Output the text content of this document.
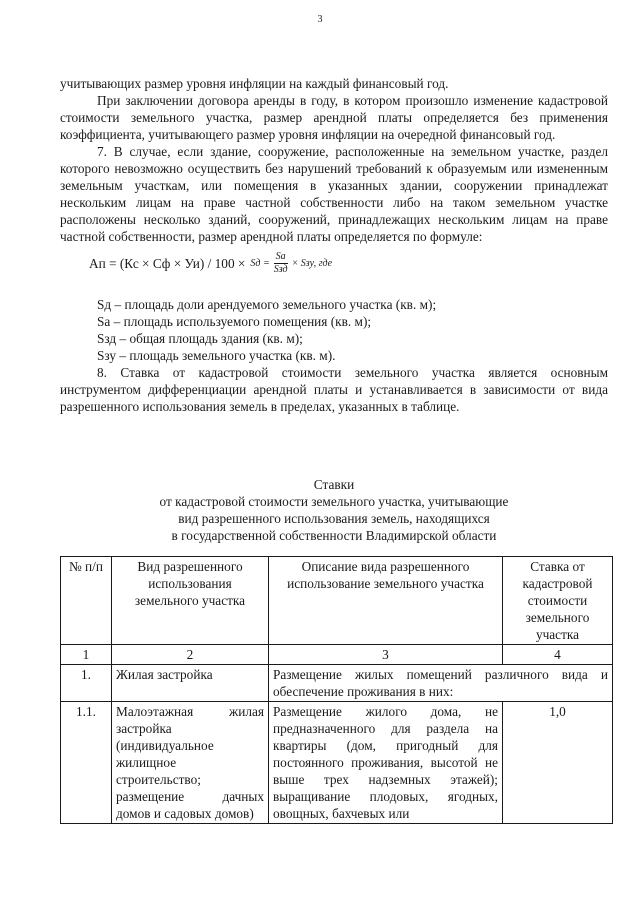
3

учитывающих размер уровня инфляции на каждый финансовый год.

При заключении договора аренды в году, в котором произошло изменение кадастровой стоимости земельного участка, размер арендной платы определяется без применения коэффициента, учитывающего размер уровня инфляции на очередной финансовый год.

7. В случае, если здание, сооружение, расположенные на земельном участке, раздел которого невозможно осуществить без нарушений требований к образуемым или измененным земельным участкам, или помещения в указанных здании, сооружении принадлежат нескольким лицам на праве частной собственности либо на таком земельном участке расположены несколько зданий, сооружений, принадлежащих нескольким лицам на праве частной собственности, размер арендной платы определяется по формуле:

Ап = (Кс × Сф × Уи) / 100 × Sд = $\frac{Sа}{\text{Sзд}}$ × Sзу, где

Sд – площадь доли арендуемого земельного участка (кв. м);

Sа – площадь используемого помещения (кв. м);

Sзд – общая площадь здания (кв. м);

Sзу – площадь земельного участка (кв. м).

8. Ставка от кадастровой стоимости земельного участка является основным инструментом дифференциации арендной платы и устанавливается в зависимости от вида разрешенного использования земель в пределах, указанных в таблице.

Ставки
от кадастровой стоимости земельного участка, учитывающие
вид разрешенного использования земель, находящихся
в государственной собственности Владимирской области
№ п/п	Вид разрешенного использования земельного участка	Описание вида разрешенного использование земельного участка	Ставка от кадастровой стоимости земельного участка
1	2	3	4
1.	Жилая застройка	Размещение жилых помещений различного вида и обеспечение проживания в них:	
1.1.	Малоэтажная жилая застройка (индивидуальное жилищное строительство; размещение дачных домов и садовых домов)	Размещение жилого дома, не предназначенного для раздела на квартиры (дом, пригодный для постоянного проживания, высотой не выше трех надземных этажей); выращивание плодовых, ягодных, овощных, бахчевых или	1,0
